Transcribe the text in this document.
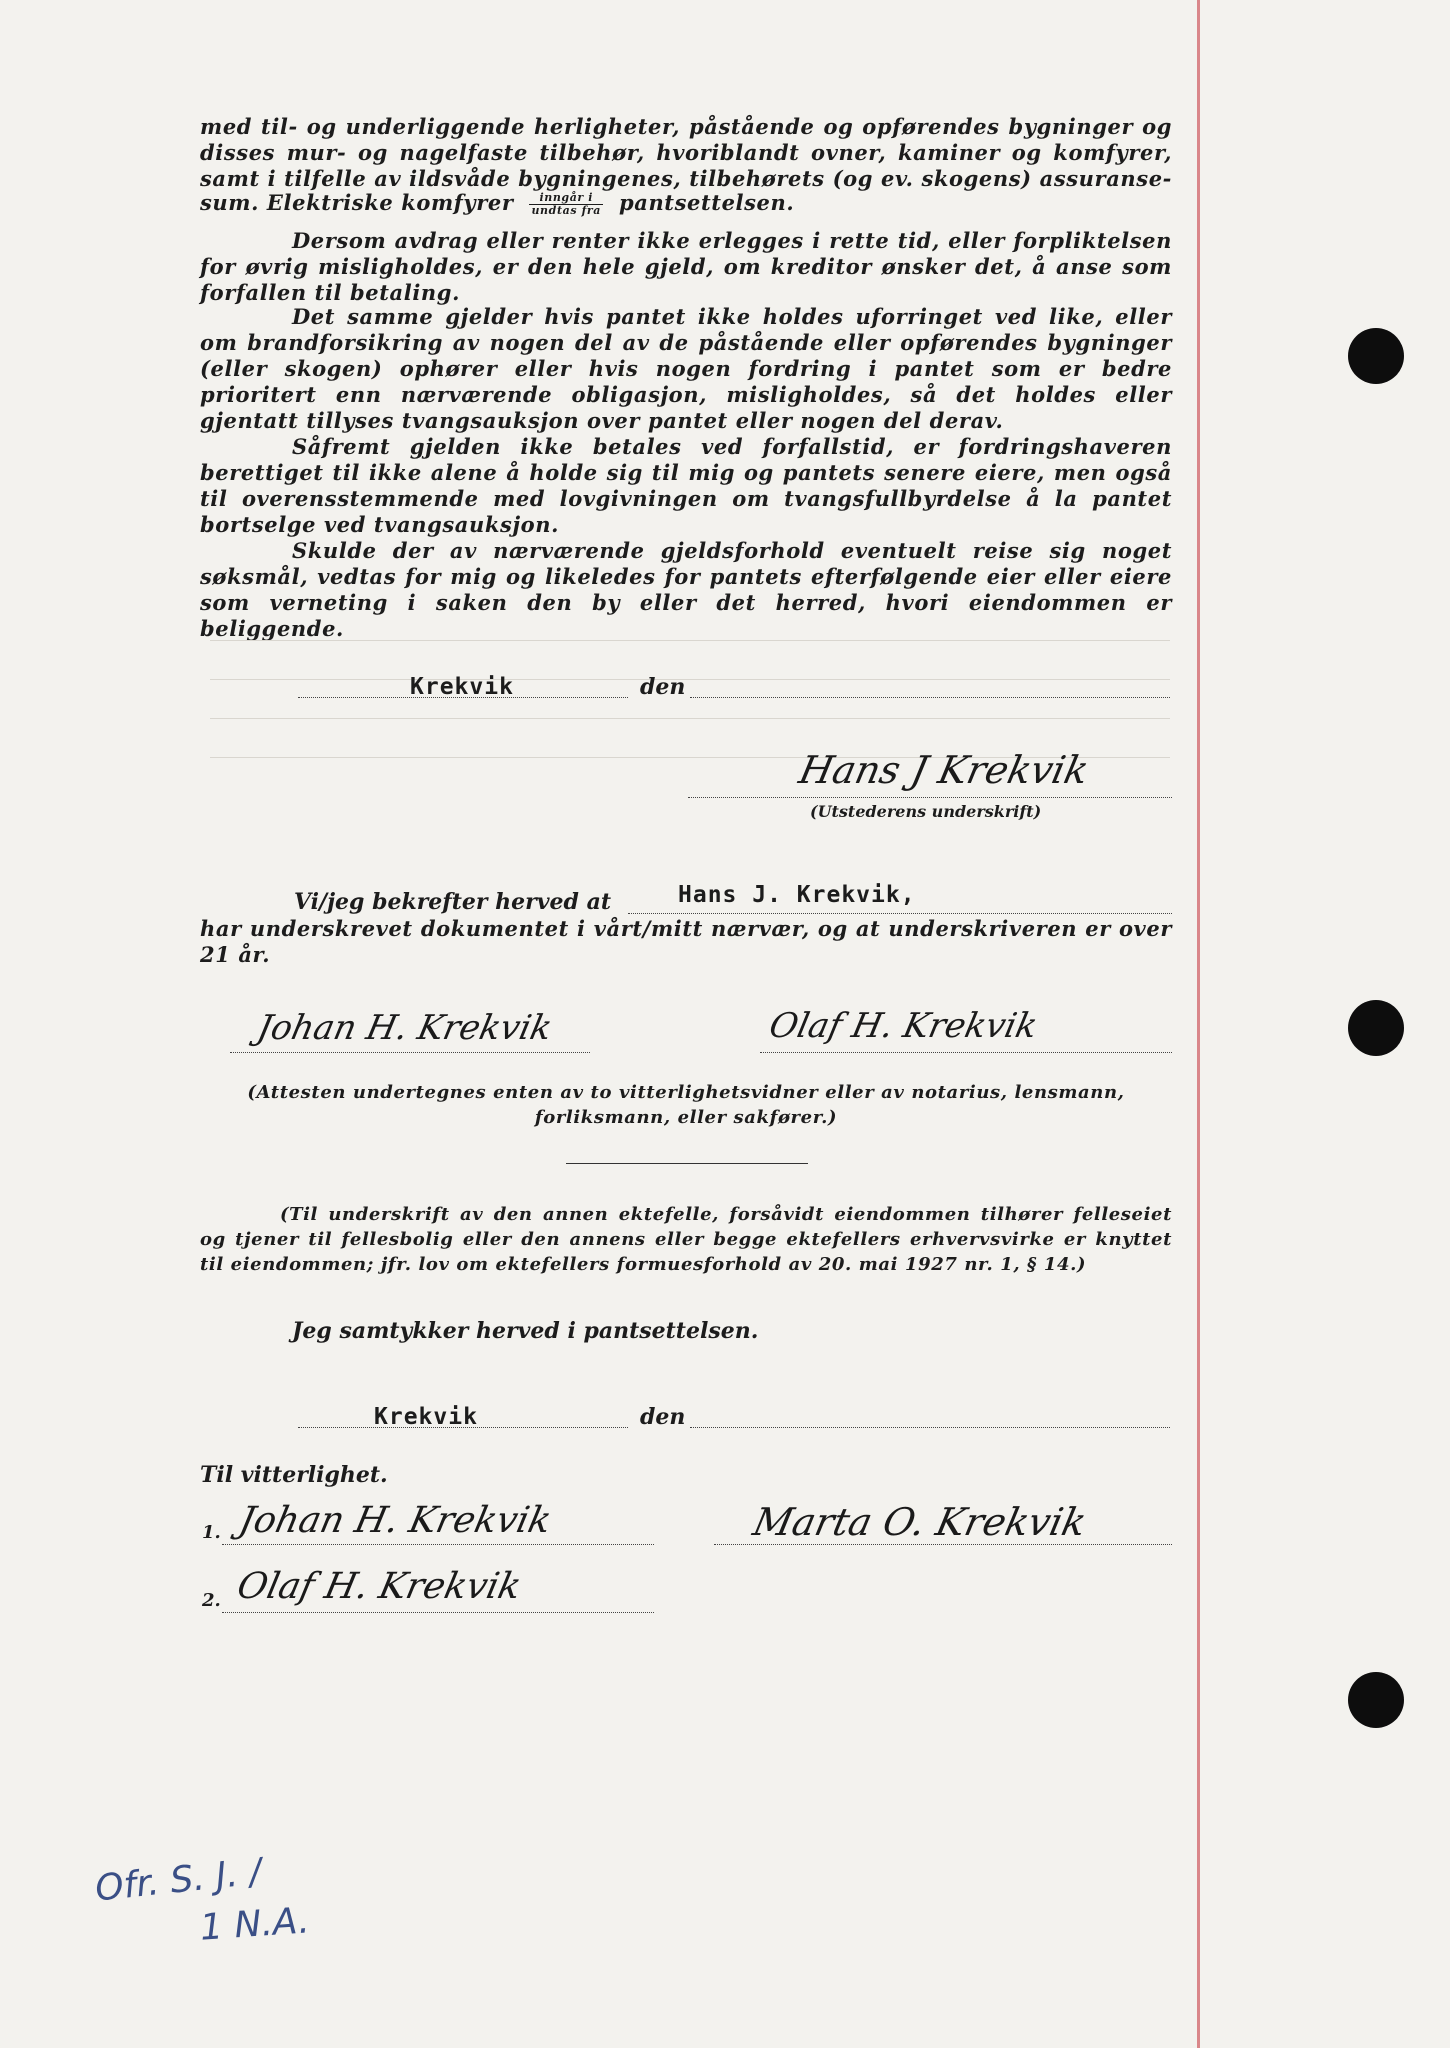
med til- og underliggende herligheter, påstående og opførendes bygninger og
disses mur- og nagelfaste tilbehør, hvoriblandt ovner, kaminer og komfyrer,
samt i tilfelle av ildsvåde bygningenes, tilbehørets (og ev. skogens) assuranse-
sum. Elektriske komfyrer $\frac{\text{inngår i}}{\text{undtas fra}}$ pantsettelsen.
Dersom avdrag eller renter ikke erlegges i rette tid, eller forpliktelsen for øvrig misligholdes, er den hele gjeld, om kreditor ønsker det, å anse som forfallen til betaling.
Det samme gjelder hvis pantet ikke holdes uforringet ved like, eller om brandforsikring av nogen del av de påstående eller opførendes bygninger (eller skogen) ophører eller hvis nogen fordring i pantet som er bedre prioritert enn nærværende obligasjon, misligholdes, så det holdes eller gjentatt tillyses tvangsauksjon over pantet eller nogen del derav.
Såfremt gjelden ikke betales ved forfallstid, er fordringshaveren berettiget til ikke alene å holde sig til mig og pantets senere eiere, men også til overensstemmende med lovgivningen om tvangsfullbyrdelse å la pantet bortselge ved tvangsauksjon.
Skulde der av nærværende gjeldsforhold eventuelt reise sig noget søksmål, vedtas for mig og likeledes for pantets efterfølgende eier eller eiere som verneting i saken den by eller det herred, hvori eiendommen er beliggende.
Krekvik	den
Hans J Krekvik
(Utstederens underskrift)
Vi/jeg bekrefter herved at	Hans J. Krekvik,
har underskrevet dokumentet i vårt/mitt nærvær, og at underskriveren er over 21 år.
Johan H. Krekvik	Olaf H. Krekvik
(Attesten undertegnes enten av to vitterlighetsvidner eller av notarius, lensmann, forliksmann, eller sakfører.)
(Til underskrift av den annen ektefelle, forsåvidt eiendommen tilhører felleseiet og tjener til fellesbolig eller den annens eller begge ektefellers erhvervsvirke er knyttet til eiendommen; jfr. lov om ektefellers formuesforhold av 20. mai 1927 nr. 1, § 14.)
Jeg samtykker herved i pantsettelsen.
Krekvik	den
Til vitterlighet.
1. Johan H. Krekvik	Marta O. Krekvik
2. Olaf H. Krekvik
Ofr. S. J. /
1 N.A.
